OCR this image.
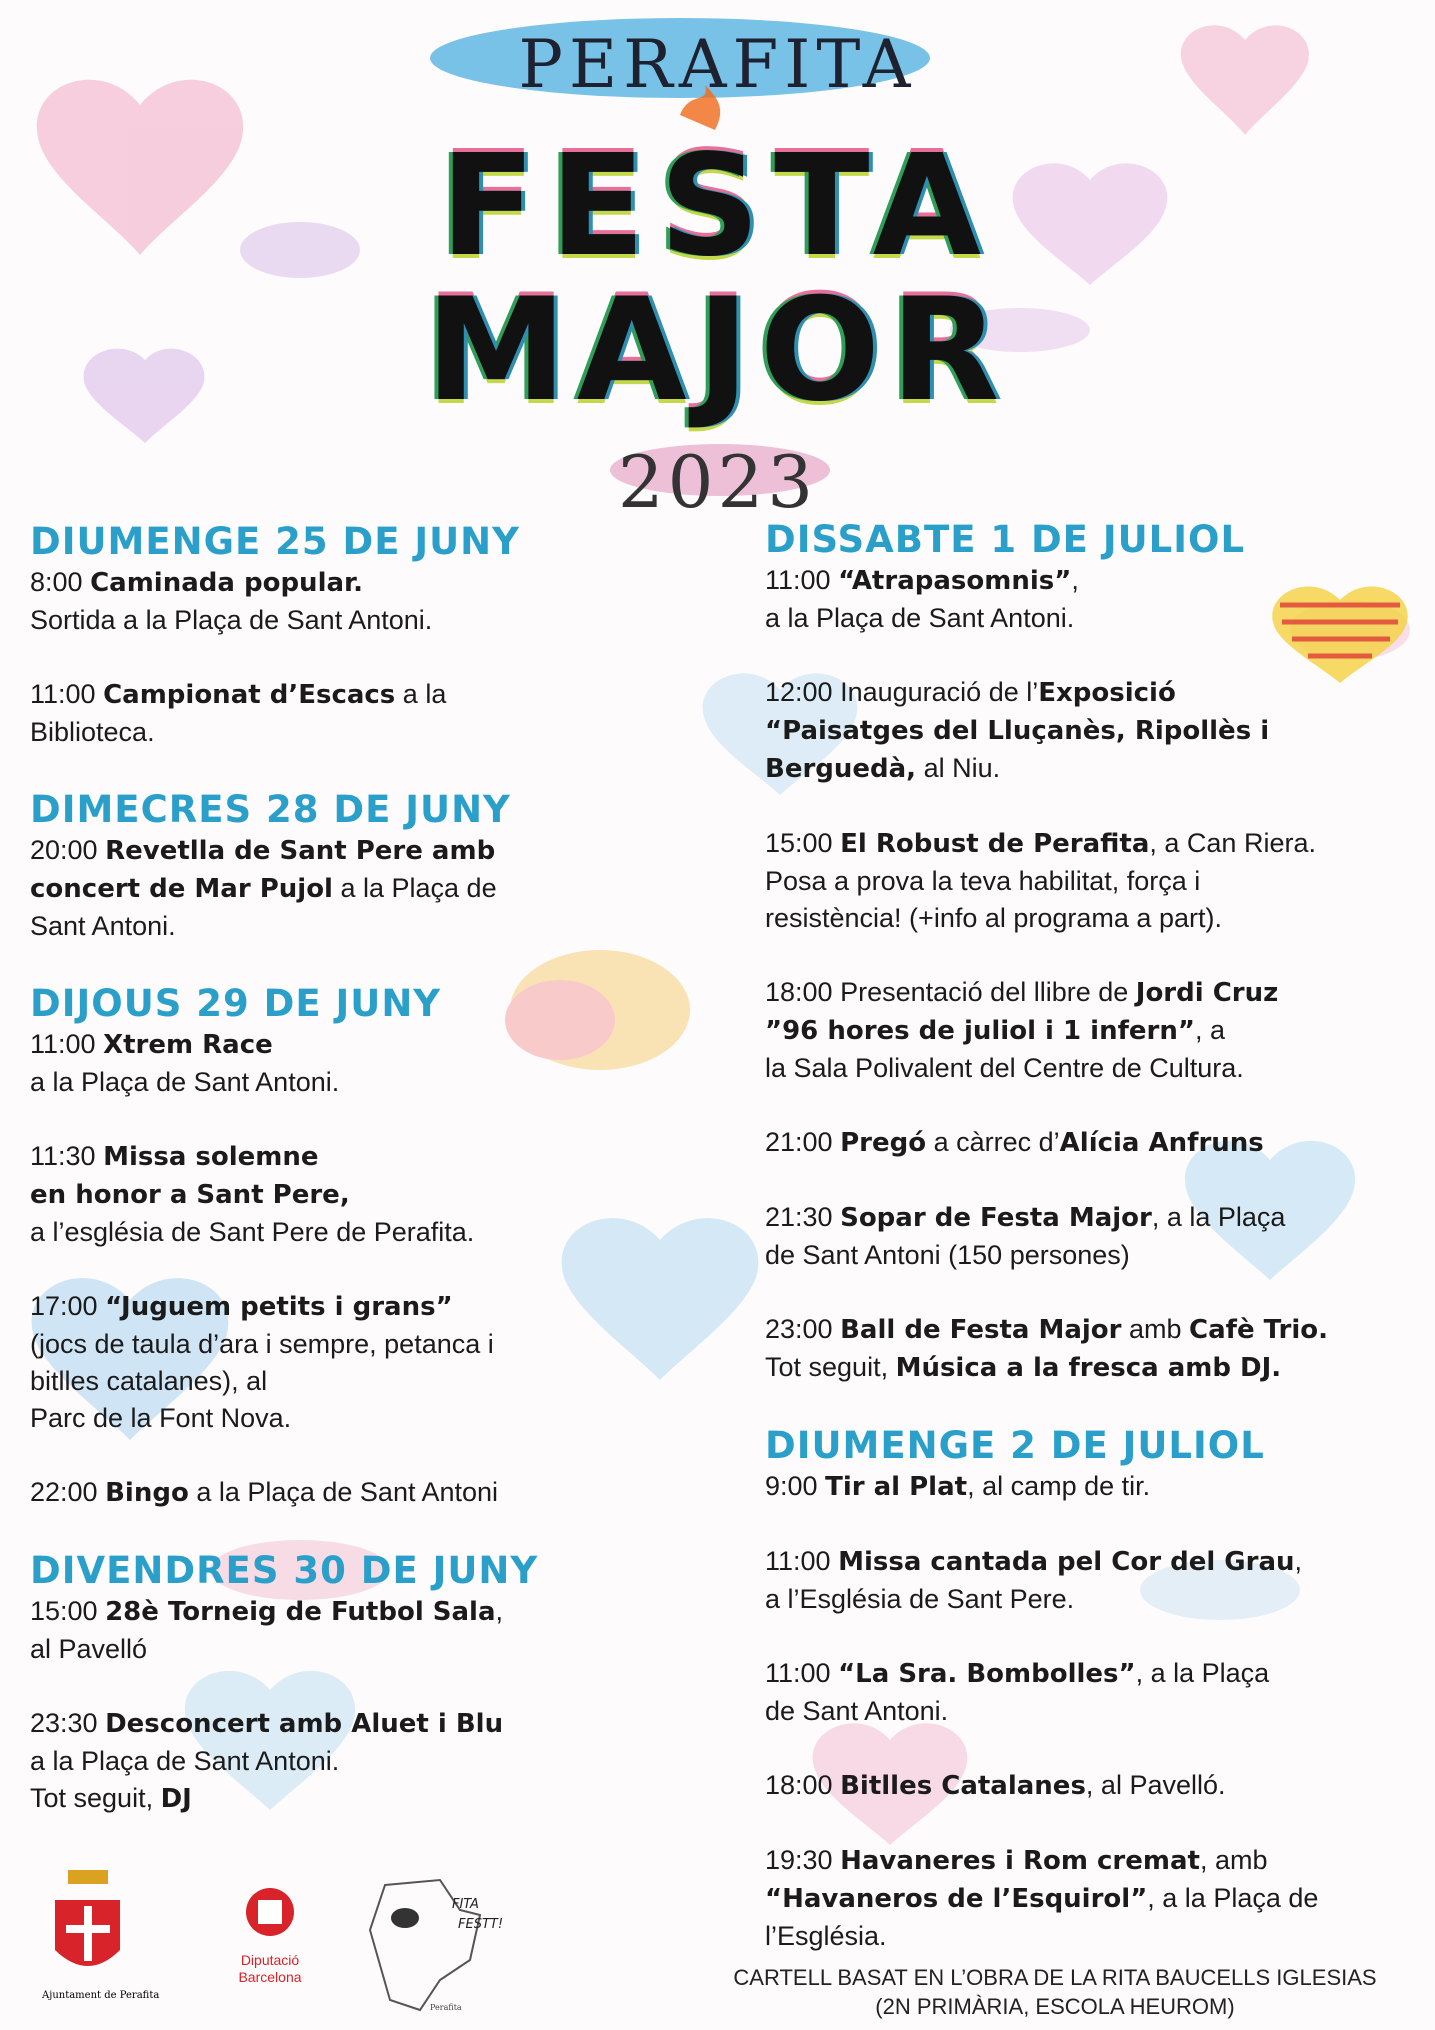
PERAFITA
FESTA
MAJOR
2023
DIUMENGE 25 DE JUNY
8:00 Caminada popular.
Sortida a la Plaça de Sant Antoni.
11:00 Campionat d’Escacs a la
Biblioteca.
DIMECRES 28 DE JUNY
20:00 Revetlla de Sant Pere amb
concert de Mar Pujol a la Plaça de
Sant Antoni.
DIJOUS 29 DE JUNY
11:00 Xtrem Race
a la Plaça de Sant Antoni.
11:30 Missa solemne
en honor a Sant Pere,
a l’església de Sant Pere de Perafita.
17:00 “Juguem petits i grans”
(jocs de taula d’ara i sempre, petanca i
bitlles catalanes), al
Parc de la Font Nova.
22:00 Bingo a la Plaça de Sant Antoni
DIVENDRES 30 DE JUNY
15:00 28è Torneig de Futbol Sala,
al Pavelló
23:30 Desconcert amb Aluet i Blu
a la Plaça de Sant Antoni.
Tot seguit, DJ
DISSABTE 1 DE JULIOL
11:00 “Atrapasomnis”,
a la Plaça de Sant Antoni.
12:00 Inauguració de l’Exposició
“Paisatges del Lluçanès, Ripollès i
Berguedà, al Niu.
15:00 El Robust de Perafita, a Can Riera.
Posa a prova la teva habilitat, força i
resistència! (+info al programa a part).
18:00 Presentació del llibre de Jordi Cruz
”96 hores de juliol i 1 infern”, a
la Sala Polivalent del Centre de Cultura.
21:00 Pregó a càrrec d’Alícia Anfruns
21:30 Sopar de Festa Major, a la Plaça
de Sant Antoni (150 persones)
23:00 Ball de Festa Major amb Cafè Trio.
Tot seguit, Música a la fresca amb DJ.
DIUMENGE 2 DE JULIOL
9:00 Tir al Plat, al camp de tir.
11:00 Missa cantada pel Cor del Grau,
a l’Església de Sant Pere.
11:00 “La Sra. Bombolles”, a la Plaça
de Sant Antoni.
18:00 Bitlles Catalanes, al Pavelló.
19:30 Havaneres i Rom cremat, amb
“Havaneros de l’Esquirol”, a la Plaça de
l’Església.
Ajuntament de Perafita
Diputació
Barcelona
FITA
FESTT!
Perafita
CARTELL BASAT EN L’OBRA DE LA RITA BAUCELLS IGLESIAS
(2N PRIMÀRIA, ESCOLA HEUROM)
